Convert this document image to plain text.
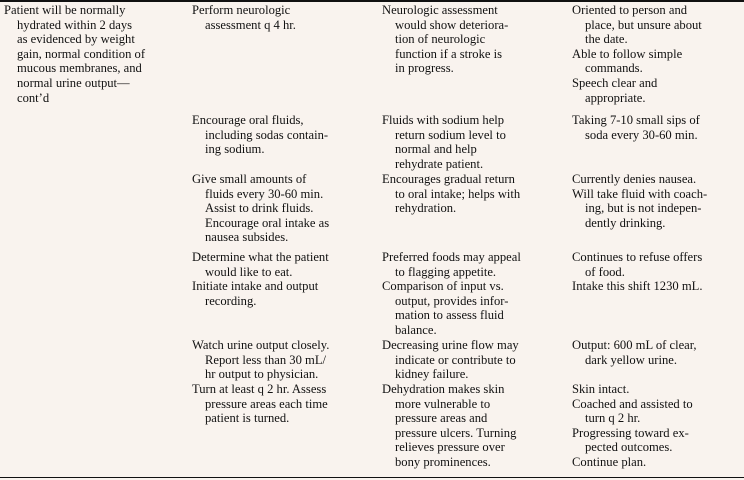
Patient will be normally
hydrated within 2 days
as evidenced by weight
gain, normal condition of
mucous membranes, and
normal urine output—
cont’d

Perform neurologic
assessment q 4 hr.

Neurologic assessment
would show deteriora-
tion of neurologic
function if a stroke is
in progress.

Oriented to person and
place, but unsure about
the date.

Able to follow simple
commands.

Speech clear and
appropriate.

Encourage oral fluids,
including sodas contain-
ing sodium.

Fluids with sodium help
return sodium level to
normal and help
rehydrate patient.

Taking 7-10 small sips of
soda every 30-60 min.

Give small amounts of
fluids every 30-60 min.
Assist to drink fluids.
Encourage oral intake as
nausea subsides.

Encourages gradual return
to oral intake; helps with
rehydration.

Currently denies nausea.

Will take fluid with coach-
ing, but is not indepen-
dently drinking.

Determine what the patient
would like to eat.

Preferred foods may appeal
to flagging appetite.

Continues to refuse offers
of food.

Initiate intake and output
recording.

Comparison of input vs.
output, provides infor-
mation to assess fluid
balance.

Intake this shift 1230 mL.

Watch urine output closely.
Report less than 30 mL/
hr output to physician.

Decreasing urine flow may
indicate or contribute to
kidney failure.

Output: 600 mL of clear,
dark yellow urine.

Turn at least q 2 hr. Assess
pressure areas each time
patient is turned.

Dehydration makes skin
more vulnerable to
pressure areas and
pressure ulcers. Turning
relieves pressure over
bony prominences.

Skin intact.

Coached and assisted to
turn q 2 hr.

Progressing toward ex-
pected outcomes.

Continue plan.
